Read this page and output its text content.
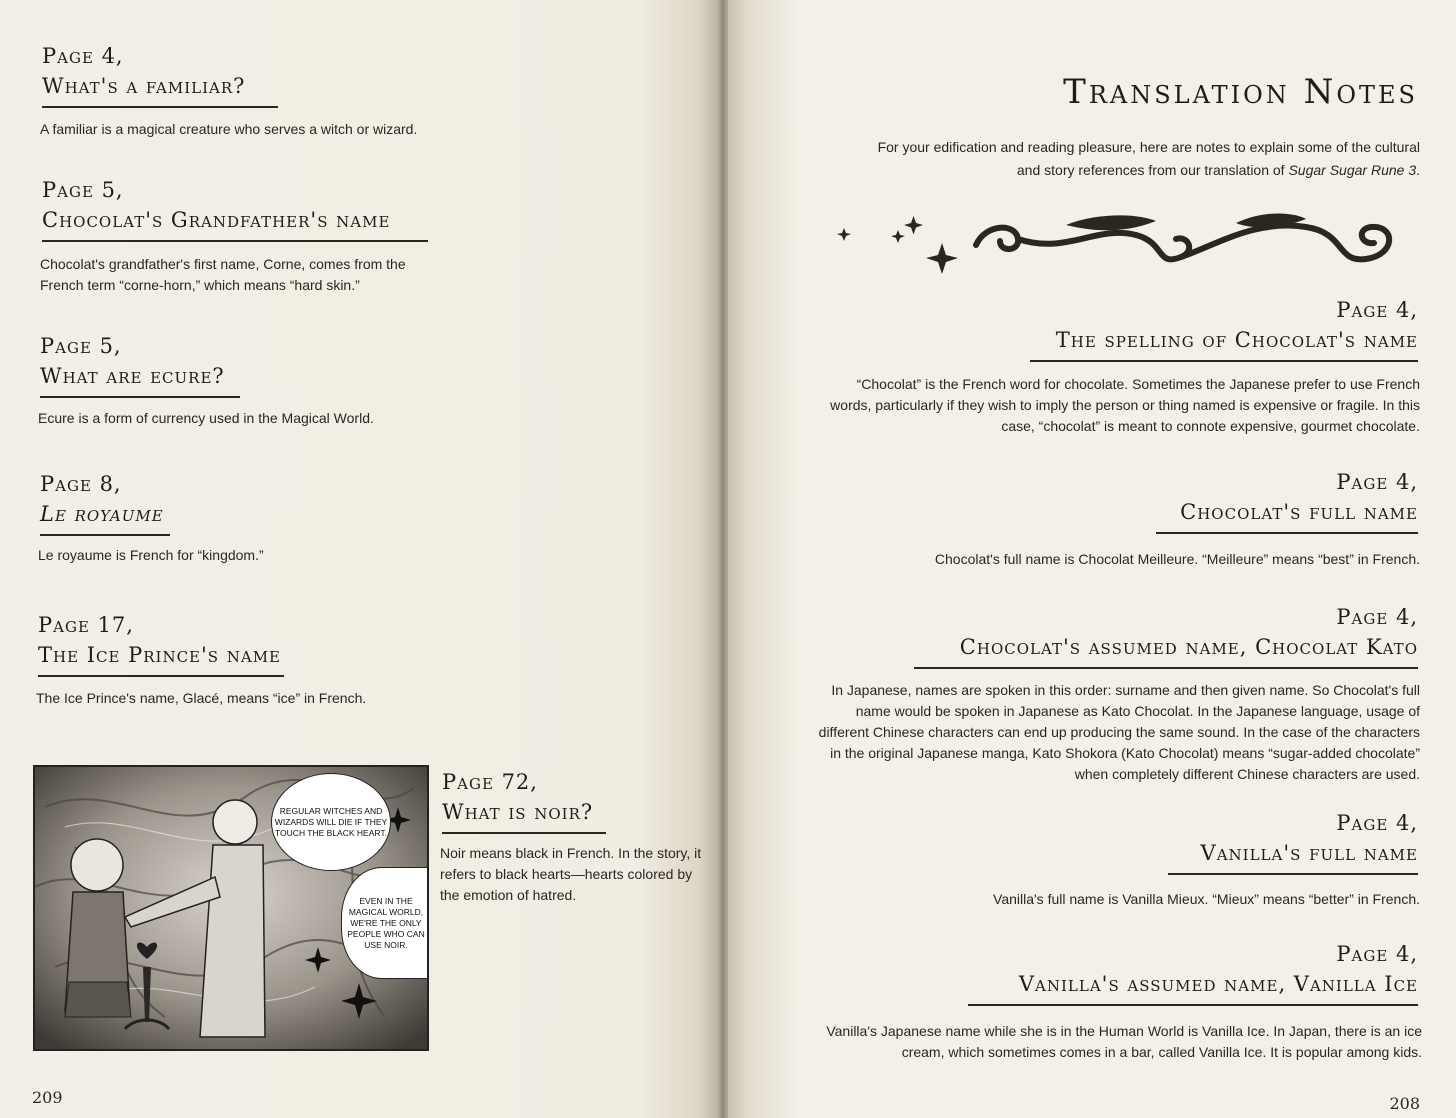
Page 4,
What's a familiar?
A familiar is a magical creature who serves a witch or wizard.
Page 5,
Chocolat's Grandfather's name
Chocolat's grandfather's first name, Corne, comes from the French term “corne-horn,” which means “hard skin.”
Page 5,
What are ecure?
Ecure is a form of currency used in the Magical World.
Page 8,
Le royaume
Le royaume is French for “kingdom.”
Page 17,
The Ice Prince's name
The Ice Prince's name, Glacé, means “ice” in French.
Page 72,
What is noir?
Noir means black in French. In the story, it refers to black hearts—hearts colored by the emotion of hatred.
REGULAR WITCHES AND WIZARDS WILL DIE IF THEY TOUCH THE BLACK HEART.
EVEN IN THE MAGICAL WORLD, WE'RE THE ONLY PEOPLE WHO CAN USE NOIR.
Translation Notes
For your edification and reading pleasure, here are notes to explain some of the cultural and story references from our translation of Sugar Sugar Rune 3.
Page 4,
The spelling of Chocolat's name
“Chocolat” is the French word for chocolate. Sometimes the Japanese prefer to use French words, particularly if they wish to imply the person or thing named is expensive or fragile. In this case, “chocolat” is meant to connote expensive, gourmet chocolate.
Page 4,
Chocolat's full name
Chocolat's full name is Chocolat Meilleure. “Meilleure” means “best” in French.
Page 4,
Chocolat's assumed name, Chocolat Kato
In Japanese, names are spoken in this order: surname and then given name. So Chocolat's full name would be spoken in Japanese as Kato Chocolat. In the Japanese language, usage of different Chinese characters can end up producing the same sound. In the case of the characters in the original Japanese manga, Kato Shokora (Kato Chocolat) means “sugar-added chocolate” when completely different Chinese characters are used.
Page 4,
Vanilla's full name
Vanilla's full name is Vanilla Mieux. “Mieux” means “better” in French.
Page 4,
Vanilla's assumed name, Vanilla Ice
Vanilla's Japanese name while she is in the Human World is Vanilla Ice. In Japan, there is an ice cream, which sometimes comes in a bar, called Vanilla Ice. It is popular among kids.
209	208
